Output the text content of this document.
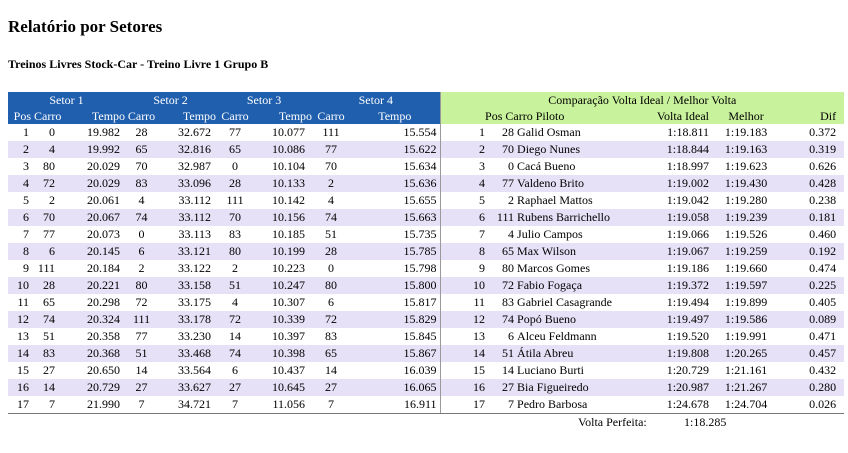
Relatório por Setores
Treinos Livres Stock-Car - Treino Livre 1 Grupo B
Setor 1			Setor 2		Setor 3		Setor 4		Comparação Volta Ideal / Melhor Volta					
Pos Carro		Tempo	Carro	Tempo	Carro	Tempo	Carro	Tempo	Pos Carro Piloto			Volta Ideal	Melhor	Dif
1	0	19.982	28	32.672	77	10.077	111	15.554	1	28	Galid Osman	1:18.811	1:19.183	0.372
2	4	19.992	65	32.816	65	10.086	77	15.622	2	70	Diego Nunes	1:18.844	1:19.163	0.319
3	80	20.029	70	32.987	0	10.104	70	15.634	3	0	Cacá Bueno	1:18.997	1:19.623	0.626
4	72	20.029	83	33.096	28	10.133	2	15.636	4	77	Valdeno Brito	1:19.002	1:19.430	0.428
5	2	20.061	4	33.112	111	10.142	4	15.655	5	2	Raphael Mattos	1:19.042	1:19.280	0.238
6	70	20.067	74	33.112	70	10.156	74	15.663	6	111	Rubens Barrichello	1:19.058	1:19.239	0.181
7	77	20.073	0	33.113	83	10.185	51	15.735	7	4	Julio Campos	1:19.066	1:19.526	0.460
8	6	20.145	6	33.121	80	10.199	28	15.785	8	65	Max Wilson	1:19.067	1:19.259	0.192
9	111	20.184	2	33.122	2	10.223	0	15.798	9	80	Marcos Gomes	1:19.186	1:19.660	0.474
10	28	20.221	80	33.158	51	10.247	80	15.800	10	72	Fabio Fogaça	1:19.372	1:19.597	0.225
11	65	20.298	72	33.175	4	10.307	6	15.817	11	83	Gabriel Casagrande	1:19.494	1:19.899	0.405
12	74	20.324	111	33.178	72	10.339	72	15.829	12	74	Popó Bueno	1:19.497	1:19.586	0.089
13	51	20.358	77	33.230	14	10.397	83	15.845	13	6	Alceu Feldmann	1:19.520	1:19.991	0.471
14	83	20.368	51	33.468	74	10.398	65	15.867	14	51	Átila Abreu	1:19.808	1:20.265	0.457
15	27	20.650	14	33.564	6	10.437	14	16.039	15	14	Luciano Burti	1:20.729	1:21.161	0.432
16	14	20.729	27	33.627	27	10.645	27	16.065	16	27	Bia Figueiredo	1:20.987	1:21.267	0.280
17	7	21.990	7	34.721	7	11.056	7	16.911	17	7	Pedro Barbosa	1:24.678	1:24.704	0.026
Volta Perfeita:	1:18.285
